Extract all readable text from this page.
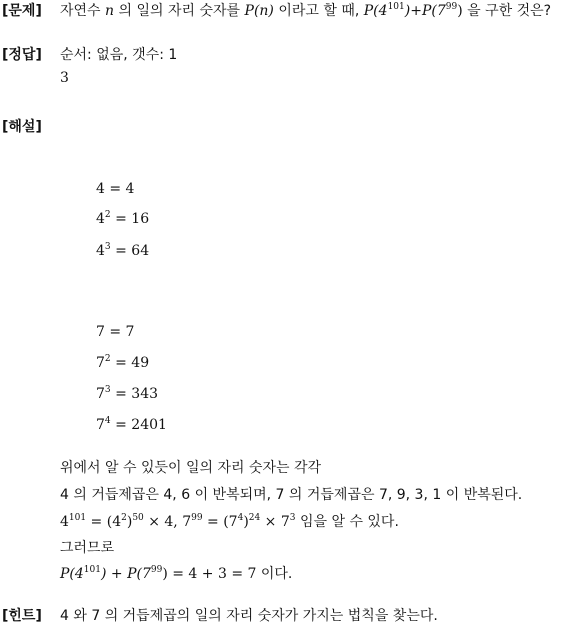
[문제] 자연수 n 의 일의 자리 숫자를 P(n) 이라고 할 때, $P(4^{101})+P(7^{99})$ 을 구한 것은?
[정답] 순서: 없음, 갯수: 1
3
[해설]
4 = 4
$4^2 = 16$
$4^3 = 64$
7 = 7
$7^2 = 49$
$7^3 = 343$
$7^4 = 2401$
위에서 알 수 있듯이 일의 자리 숫자는 각각
4 의 거듭제곱은 4, 6 이 반복되며, 7 의 거듭제곱은 7, 9, 3, 1 이 반복된다.
$4^{101} = (4^2)^{50} \times 4$, $7^{99} = (7^4)^{24} \times 7^3$ 임을 알 수 있다.
그러므로
$P(4^{101}) + P(7^{99}) = 4 + 3 = 7$ 이다.
[힌트] 4 와 7 의 거듭제곱의 일의 자리 숫자가 가지는 법칙을 찾는다.
